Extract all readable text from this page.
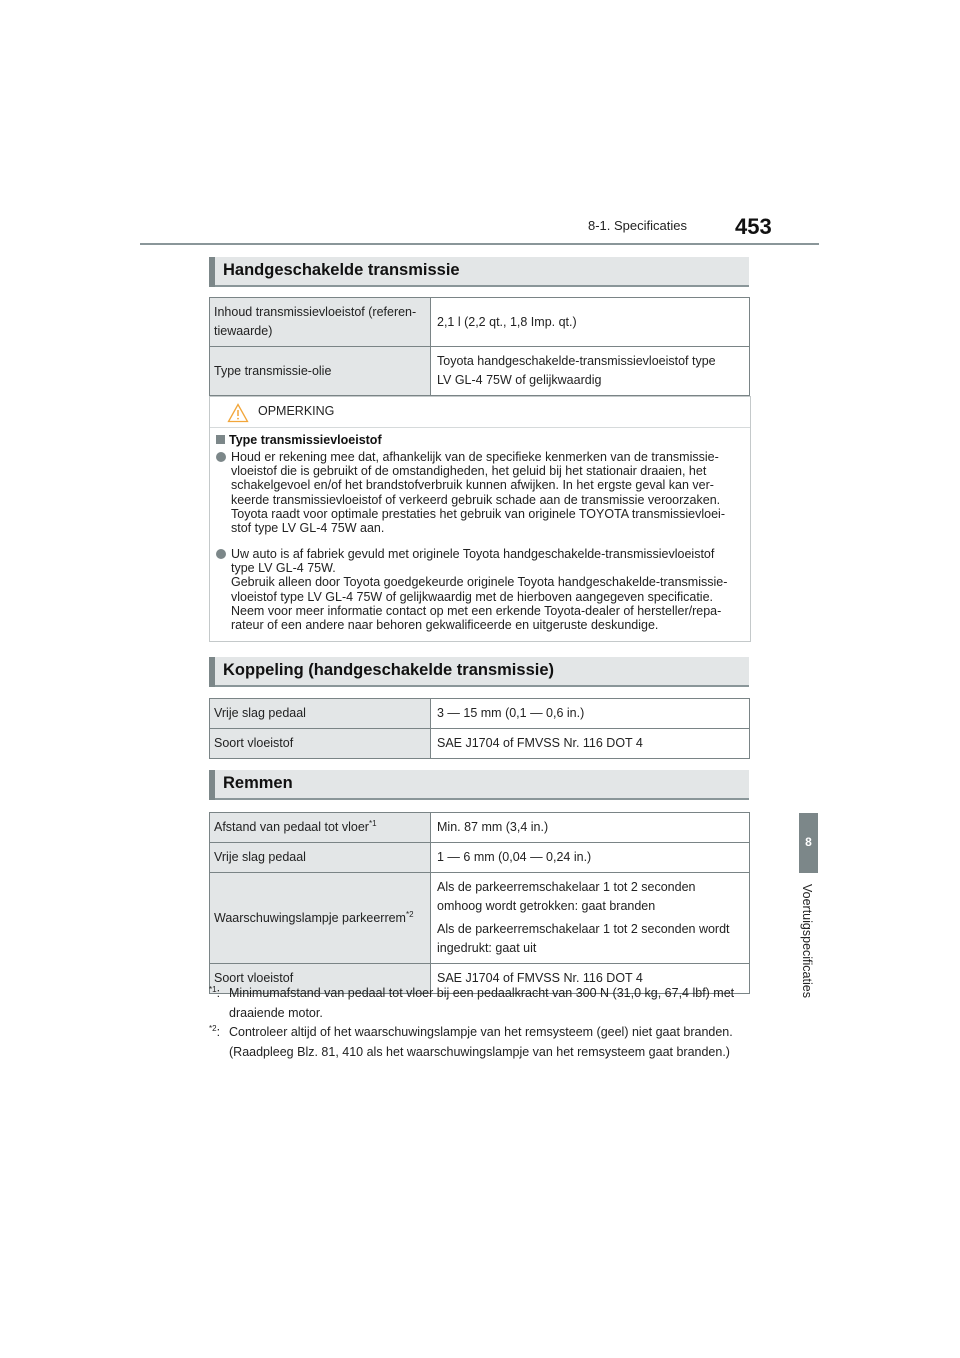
8-1. Specificaties 453
8
Voertuigspecificaties
Handgeschakelde transmissie
Inhoud transmissievloeistof (referen-
tiewaarde)	2,1 l (2,2 qt., 1,8 Imp. qt.)
Type transmissie-olie	Toyota handgeschakelde-transmissievloeistof type
LV GL-4 75W of gelijkwaardig
OPMERKING
Type transmissievloeistof
Houd er rekening mee dat, afhankelijk van de specifieke kenmerken van de transmissie-
vloeistof die is gebruikt of de omstandigheden, het geluid bij het stationair draaien, het
schakelgevoel en/of het brandstofverbruik kunnen afwijken. In het ergste geval kan ver-
keerde transmissievloeistof of verkeerd gebruik schade aan de transmissie veroorzaken.
Toyota raadt voor optimale prestaties het gebruik van originele TOYOTA transmissievloei-
stof type LV GL-4 75W aan.
Uw auto is af fabriek gevuld met originele Toyota handgeschakelde-transmissievloeistof
type LV GL-4 75W.
Gebruik alleen door Toyota goedgekeurde originele Toyota handgeschakelde-transmissie-
vloeistof type LV GL-4 75W of gelijkwaardig met de hierboven aangegeven specificatie.
Neem voor meer informatie contact op met een erkende Toyota-dealer of hersteller/repa-
rateur of een andere naar behoren gekwalificeerde en uitgeruste deskundige.
Koppeling (handgeschakelde transmissie)
Vrije slag pedaal	3 — 15 mm (0,1 — 0,6 in.)
Soort vloeistof	SAE J1704 of FMVSS Nr. 116 DOT 4
Remmen
Afstand van pedaal tot vloer$^{*1}$	Min. 87 mm (3,4 in.)
Vrije slag pedaal	1 — 6 mm (0,04 — 0,24 in.)
Waarschuwingslampje parkeerrem$^{*2}$	Als de parkeerremschakelaar 1 tot 2 seconden
omhoog wordt getrokken: gaat branden
Als de parkeerremschakelaar 1 tot 2 seconden wordt
ingedrukt: gaat uit

Soort vloeistof	SAE J1704 of FMVSS Nr. 116 DOT 4
$^{*1}$: Minimumafstand van pedaal tot vloer bij een pedaalkracht van 300 N (31,0 kg, 67,4 lbf) met
draaiende motor.
$^{*2}$: Controleer altijd of het waarschuwingslampje van het remsysteem (geel) niet gaat branden.
(Raadpleeg Blz. 81, 410 als het waarschuwingslampje van het remsysteem gaat branden.)
